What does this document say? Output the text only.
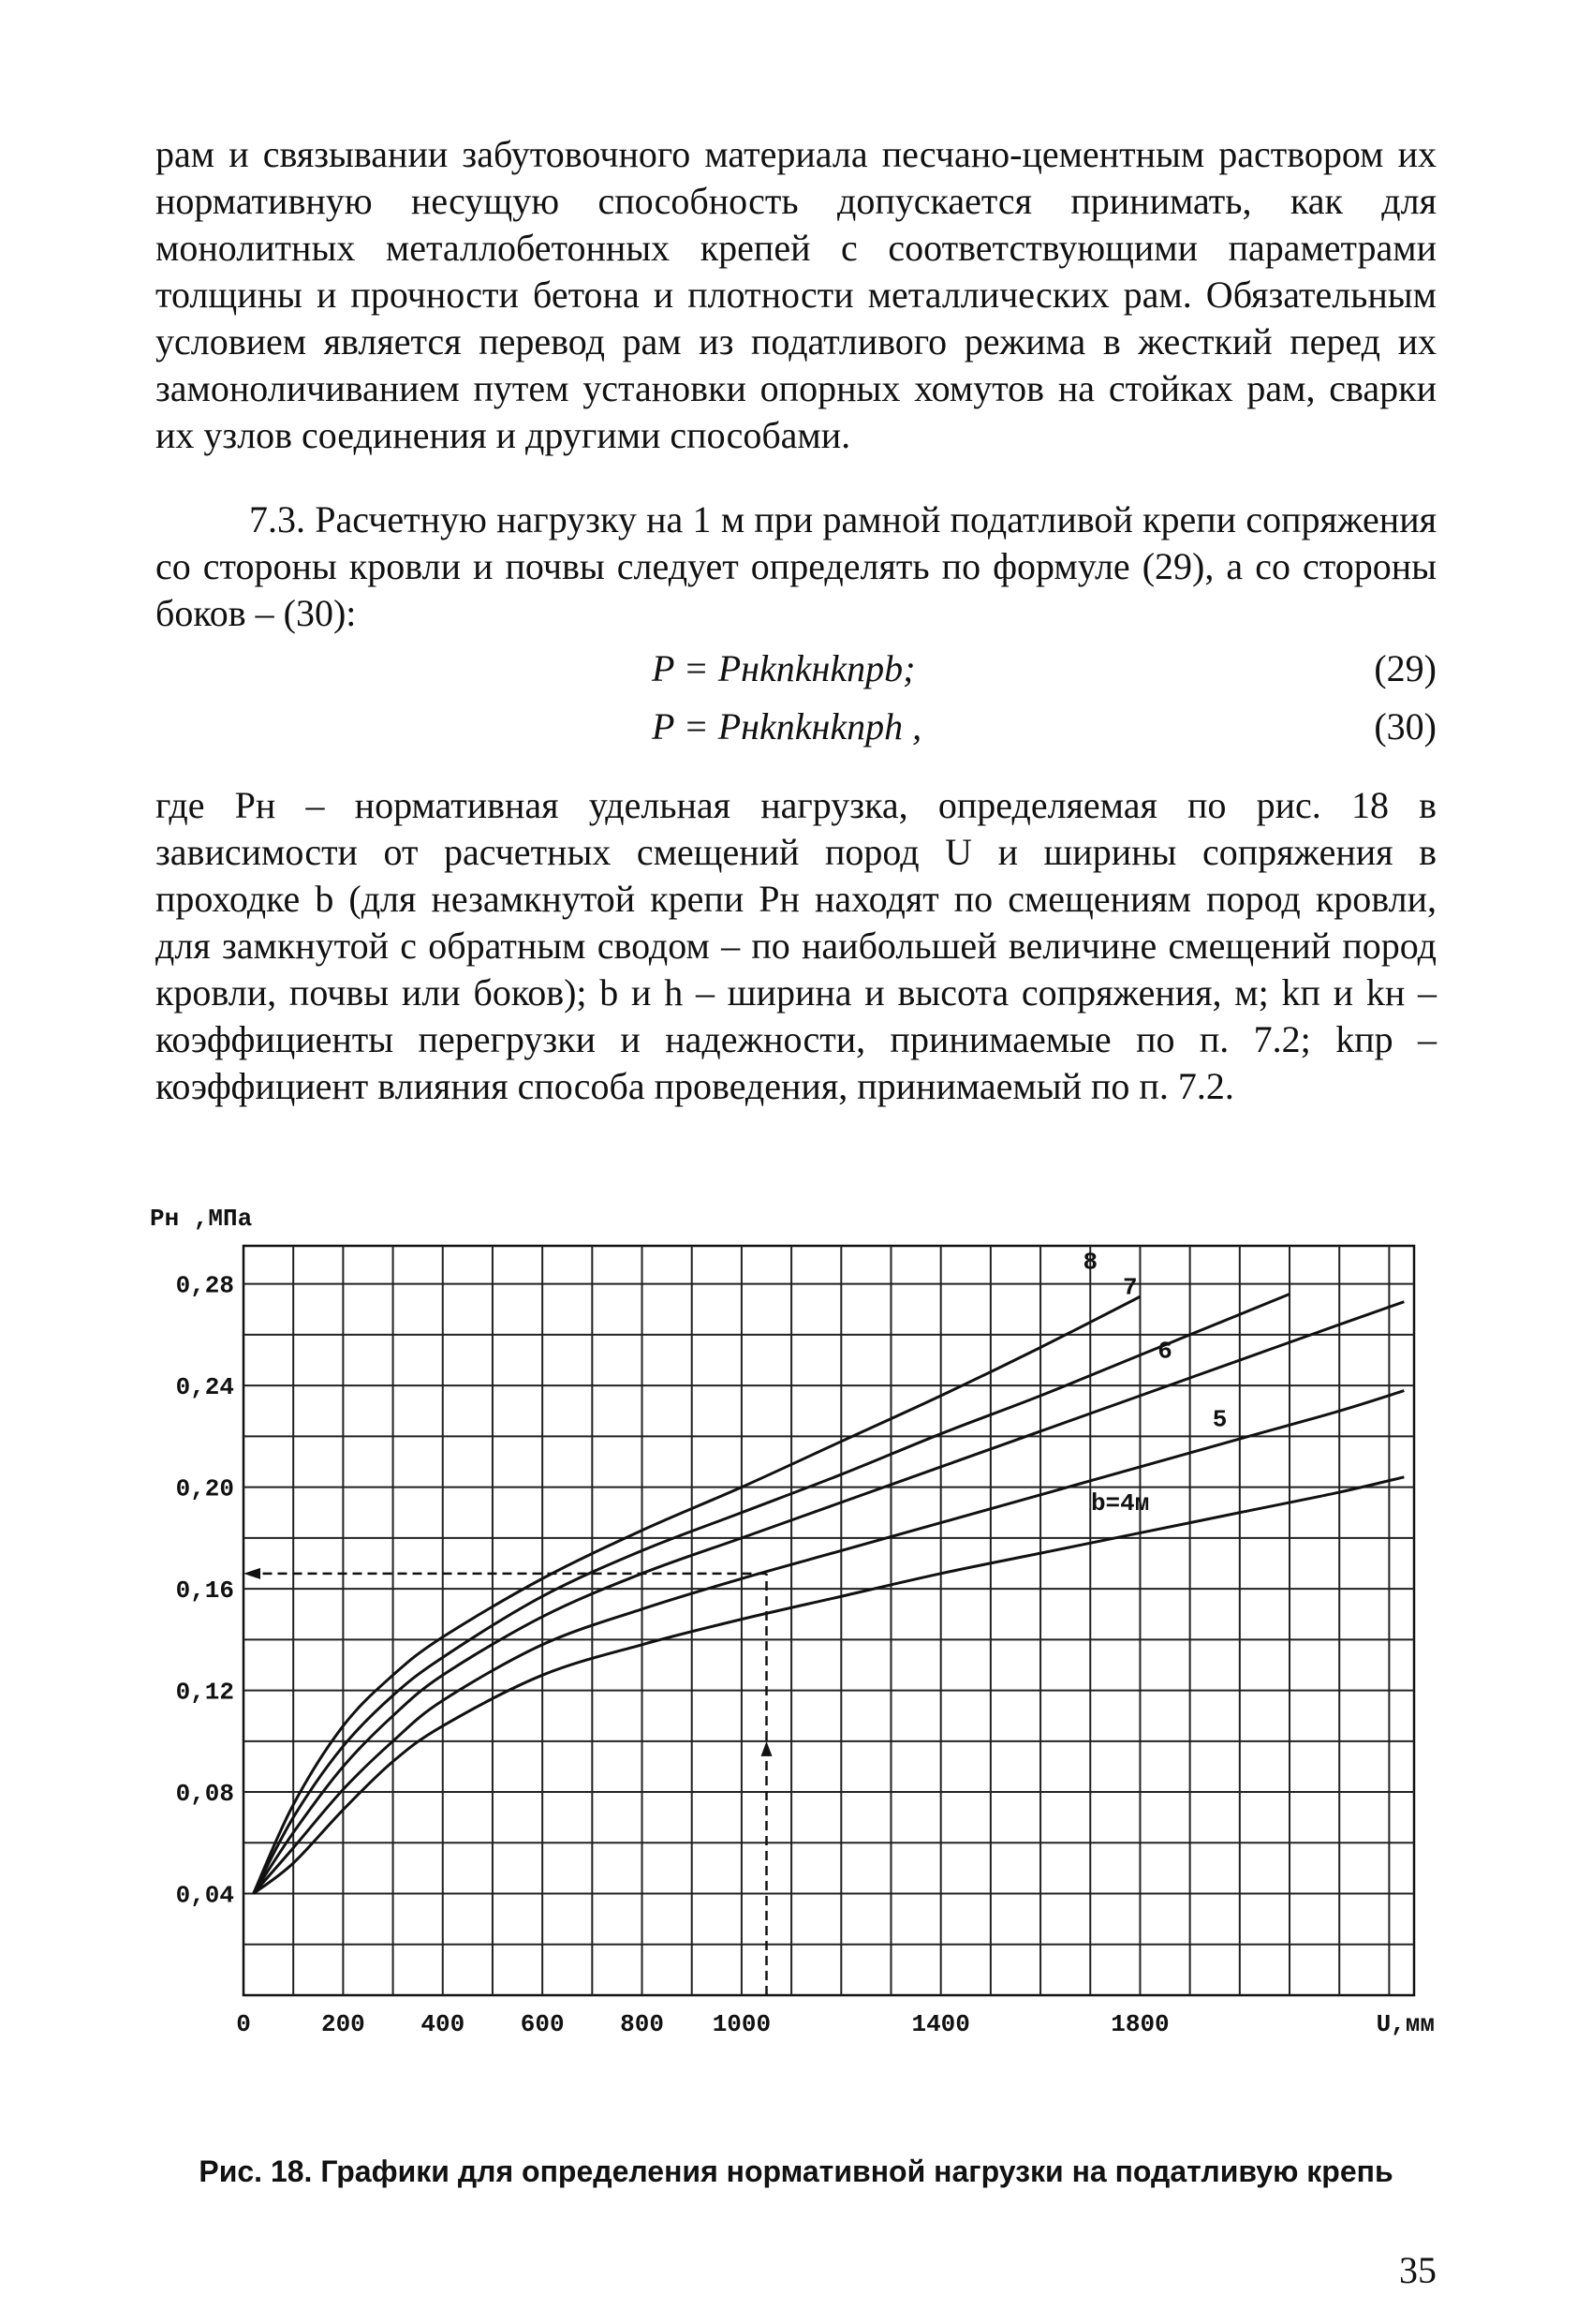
рам и связывании забутовочного материала песчано-цементным раствором их нормативную несущую способность допускается принимать, как для монолитных металлобетонных крепей с соответствующими параметрами толщины и прочности бетона и плотности металлических рам. Обязательным условием является перевод рам из податливого режима в жесткий перед их замоноличиванием путем установки опорных хомутов на стойках рам, сварки их узлов соединения и другими способами.
7.3. Расчетную нагрузку на 1 м при рамной податливой крепи сопряжения со стороны кровли и почвы следует определять по формуле (29), а со стороны боков – (30):
P = Pнkпkнkпрb;	(29)
P = Pнkпkнkпрh ,	(30)
где Pн – нормативная удельная нагрузка, определяемая по рис. 18 в зависимости от расчетных смещений пород U и ширины сопряжения в проходке b (для незамкнутой крепи Pн находят по смещениям пород кровли, для замкнутой с обратным сводом – по наибольшей величине смещений пород кровли, почвы или боков); b и h – ширина и высота сопряжения, м; kп и kн – коэффициенты перегрузки и надежности, принимаемые по п. 7.2; kпр – коэффициент влияния способа проведения, принимаемый по п. 7.2.
b=4м
5
6
7
8
0	200 400 600 800 1000	1400	1800
0,04
0,08
0,12
0,16
0,20
0,24
0,28
Pн ,МПа
U,мм
Рис. 18. Графики для определения нормативной нагрузки на податливую крепь
35
